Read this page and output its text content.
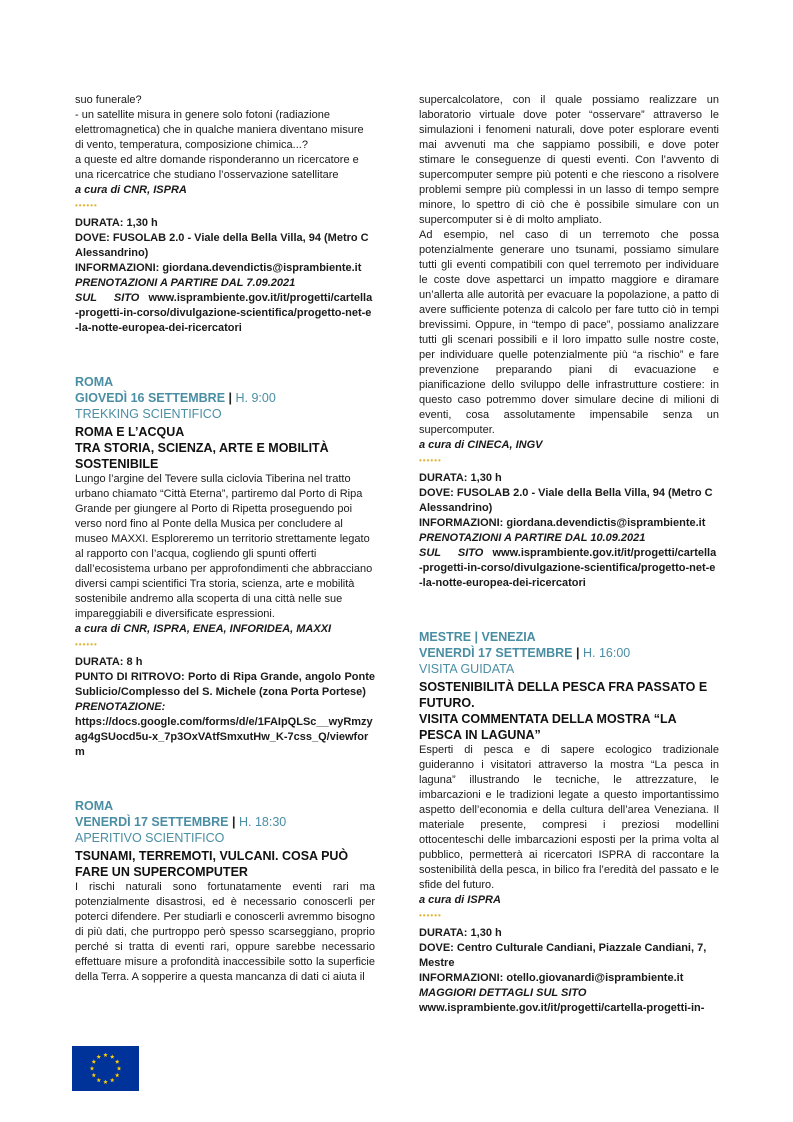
suo funerale?

- un satellite misura in genere solo fotoni (radiazione elettromagnetica) che in qualche maniera diventano misure di vento, temperatura, composizione chimica...?

a queste ed altre domande risponderanno un ricercatore e una ricercatrice che studiano l’osservazione satellitare

a cura di CNR, ISPRA

••••••

DURATA: 1,30 h

DOVE: FUSOLAB 2.0 - Viale della Bella Villa, 94 (Metro C Alessandrino)

INFORMAZIONI: giordana.devendictis@isprambiente.it

PRENOTAZIONI A PARTIRE DAL 7.09.2021

SUL SITO www.isprambiente.gov.it/it/progetti/cartella-progetti-in-corso/divulgazione-scientifica/progetto-net-e-la-notte-europea-dei-ricercatori

ROMA
GIOVEDÌ 16 SETTEMBRE | H. 9:00
TREKKING SCIENTIFICO
ROMA E L’ACQUA
TRA STORIA, SCIENZA, ARTE E MOBILITÀ SOSTENIBILE

Lungo l’argine del Tevere sulla ciclovia Tiberina nel tratto urbano chiamato “Città Eterna”, partiremo dal Porto di Ripa Grande per giungere al Porto di Ripetta proseguendo poi verso nord fino al Ponte della Musica per concludere al museo MAXXI. Esploreremo un territorio strettamente legato al rapporto con l’acqua, cogliendo gli spunti offerti dall’ecosistema urbano per approfondimenti che abbracciano diversi campi scientifici Tra storia, scienza, arte e mobilità sostenibile andremo alla scoperta di una città nelle sue impareggiabili e diversificate espressioni.

a cura di CNR, ISPRA, ENEA, INFORIDEA, MAXXI

••••••

DURATA: 8 h

PUNTO DI RITROVO: Porto di Ripa Grande, angolo Ponte Sublicio/Complesso del S. Michele (zona Porta Portese)

PRENOTAZIONE:

https://docs.google.com/forms/d/e/1FAIpQLSc__wyRmzyag4gSUocd5u-x_7p3OxVAtfSmxutHw_K-7css_Q/viewform

ROMA
VENERDÌ 17 SETTEMBRE | H. 18:30
APERITIVO SCIENTIFICO
TSUNAMI, TERREMOTI, VULCANI. COSA PUÒ FARE UN SUPERCOMPUTER

I rischi naturali sono fortunatamente eventi rari ma potenzialmente disastrosi, ed è necessario conoscerli per poterci difendere. Per studiarli e conoscerli avremmo bisogno di più dati, che purtroppo però spesso scarseggiano, proprio perché si tratta di eventi rari, oppure sarebbe necessario effettuare misure a profondità inaccessibile sotto la superficie della Terra. A sopperire a questa mancanza di dati ci aiuta il

supercalcolatore, con il quale possiamo realizzare un laboratorio virtuale dove poter “osservare” attraverso le simulazioni i fenomeni naturali, dove poter esplorare eventi mai avvenuti ma che sappiamo possibili, e dove poter stimare le conseguenze di questi eventi. Con l’avvento di supercomputer sempre più potenti e che riescono a risolvere problemi sempre più complessi in un lasso di tempo sempre minore, lo spettro di ciò che è possibile simulare con un supercomputer si è di molto ampliato.

Ad esempio, nel caso di un terremoto che possa potenzialmente generare uno tsunami, possiamo simulare tutti gli eventi compatibili con quel terremoto per individuare le coste dove aspettarci un impatto maggiore e diramare un’allerta alle autorità per evacuare la popolazione, a patto di avere sufficiente potenza di calcolo per fare tutto ciò in tempi brevissimi. Oppure, in “tempo di pace”, possiamo analizzare tutti gli scenari possibili e il loro impatto sulle nostre coste, per individuare quelle potenzialmente più “a rischio” e fare prevenzione preparando piani di evacuazione e pianificazione dello sviluppo delle infrastrutture costiere: in questo caso potremmo dover simulare decine di milioni di eventi, cosa assolutamente impensabile senza un supercomputer.

a cura di CINECA, INGV

••••••

DURATA: 1,30 h

DOVE: FUSOLAB 2.0 - Viale della Bella Villa, 94 (Metro C Alessandrino)

INFORMAZIONI: giordana.devendictis@isprambiente.it

PRENOTAZIONI A PARTIRE DAL 10.09.2021

SUL SITO www.isprambiente.gov.it/it/progetti/cartella-progetti-in-corso/divulgazione-scientifica/progetto-net-e-la-notte-europea-dei-ricercatori

MESTRE | VENEZIA
VENERDÌ 17 SETTEMBRE | H. 16:00
VISITA GUIDATA
SOSTENIBILITÀ DELLA PESCA FRA PASSATO E FUTURO.
VISITA COMMENTATA DELLA MOSTRA “LA PESCA IN LAGUNA”

Esperti di pesca e di sapere ecologico tradizionale guideranno i visitatori attraverso la mostra “La pesca in laguna” illustrando le tecniche, le attrezzature, le imbarcazioni e le tradizioni legate a questo importantissimo aspetto dell’economia e della cultura dell’area Veneziana. Il materiale presente, compresi i preziosi modellini ottocenteschi delle imbarcazioni esposti per la prima volta al pubblico, permetterà ai ricercatori ISPRA di raccontare la sostenibilità della pesca, in bilico fra l’eredità del passato e le sfide del futuro.

a cura di ISPRA

••••••

DURATA: 1,30 h

DOVE: Centro Culturale Candiani, Piazzale Candiani, 7, Mestre

INFORMAZIONI: otello.giovanardi@isprambiente.it

MAGGIORI DETTAGLI SUL SITO

www.isprambiente.gov.it/it/progetti/cartella-progetti-in-
